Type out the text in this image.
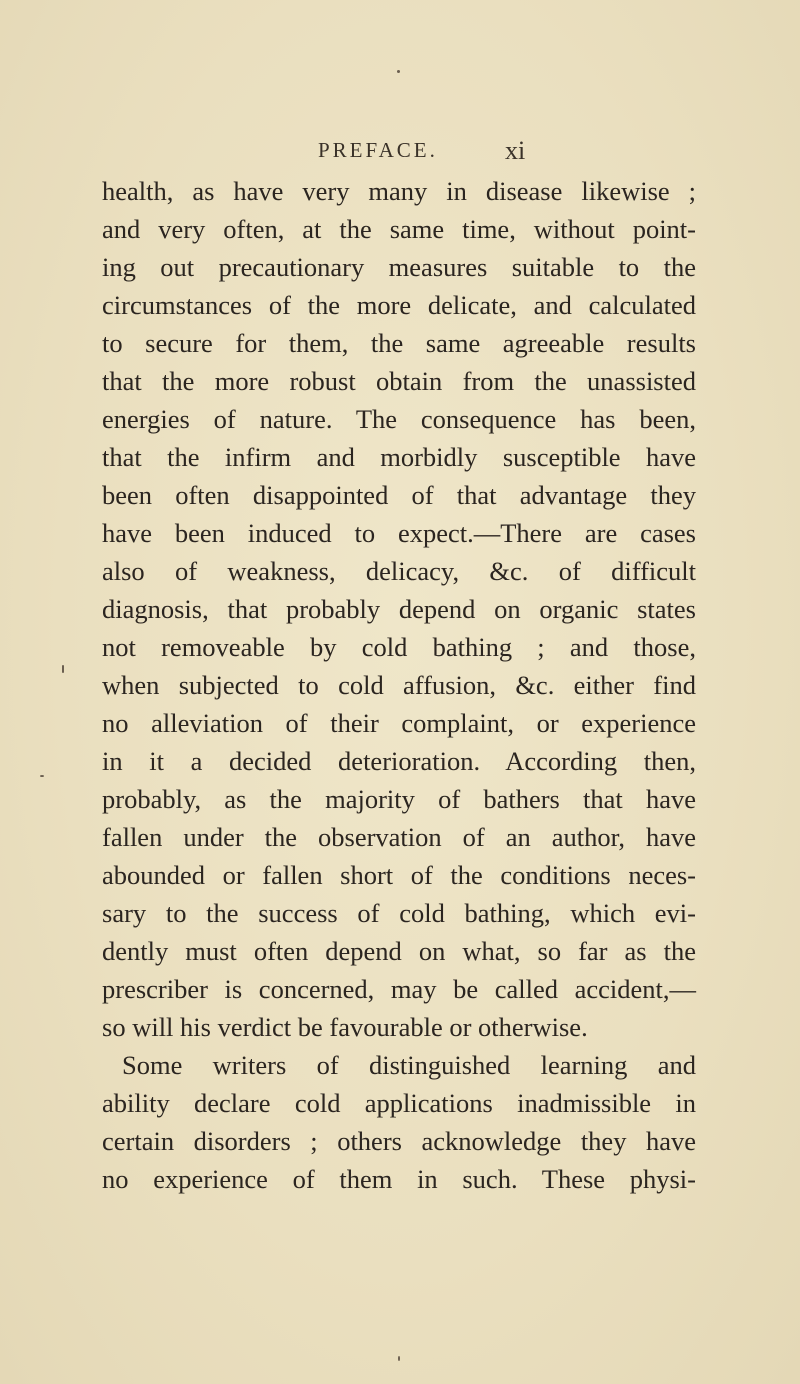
PREFACE.	xi
health, as have very many in disease likewise ;
and very often, at the same time, without point-
ing out precautionary measures suitable to the
circumstances of the more delicate, and calculated
to secure for them, the same agreeable results
that the more robust obtain from the unassisted
energies of nature. The consequence has been,
that the infirm and morbidly susceptible have
been often disappointed of that advantage they
have been induced to expect.—There are cases
also of weakness, delicacy, &c. of difficult
diagnosis, that probably depend on organic states
not removeable by cold bathing ; and those,
when subjected to cold affusion, &c. either find
no alleviation of their complaint, or experience
in it a decided deterioration. According then,
probably, as the majority of bathers that have
fallen under the observation of an author, have
abounded or fallen short of the conditions neces-
sary to the success of cold bathing, which evi-
dently must often depend on what, so far as the
prescriber is concerned, may be called accident,—
so will his verdict be favourable or otherwise.
Some writers of distinguished learning and
ability declare cold applications inadmissible in
certain disorders ; others acknowledge they have
no experience of them in such. These physi-
